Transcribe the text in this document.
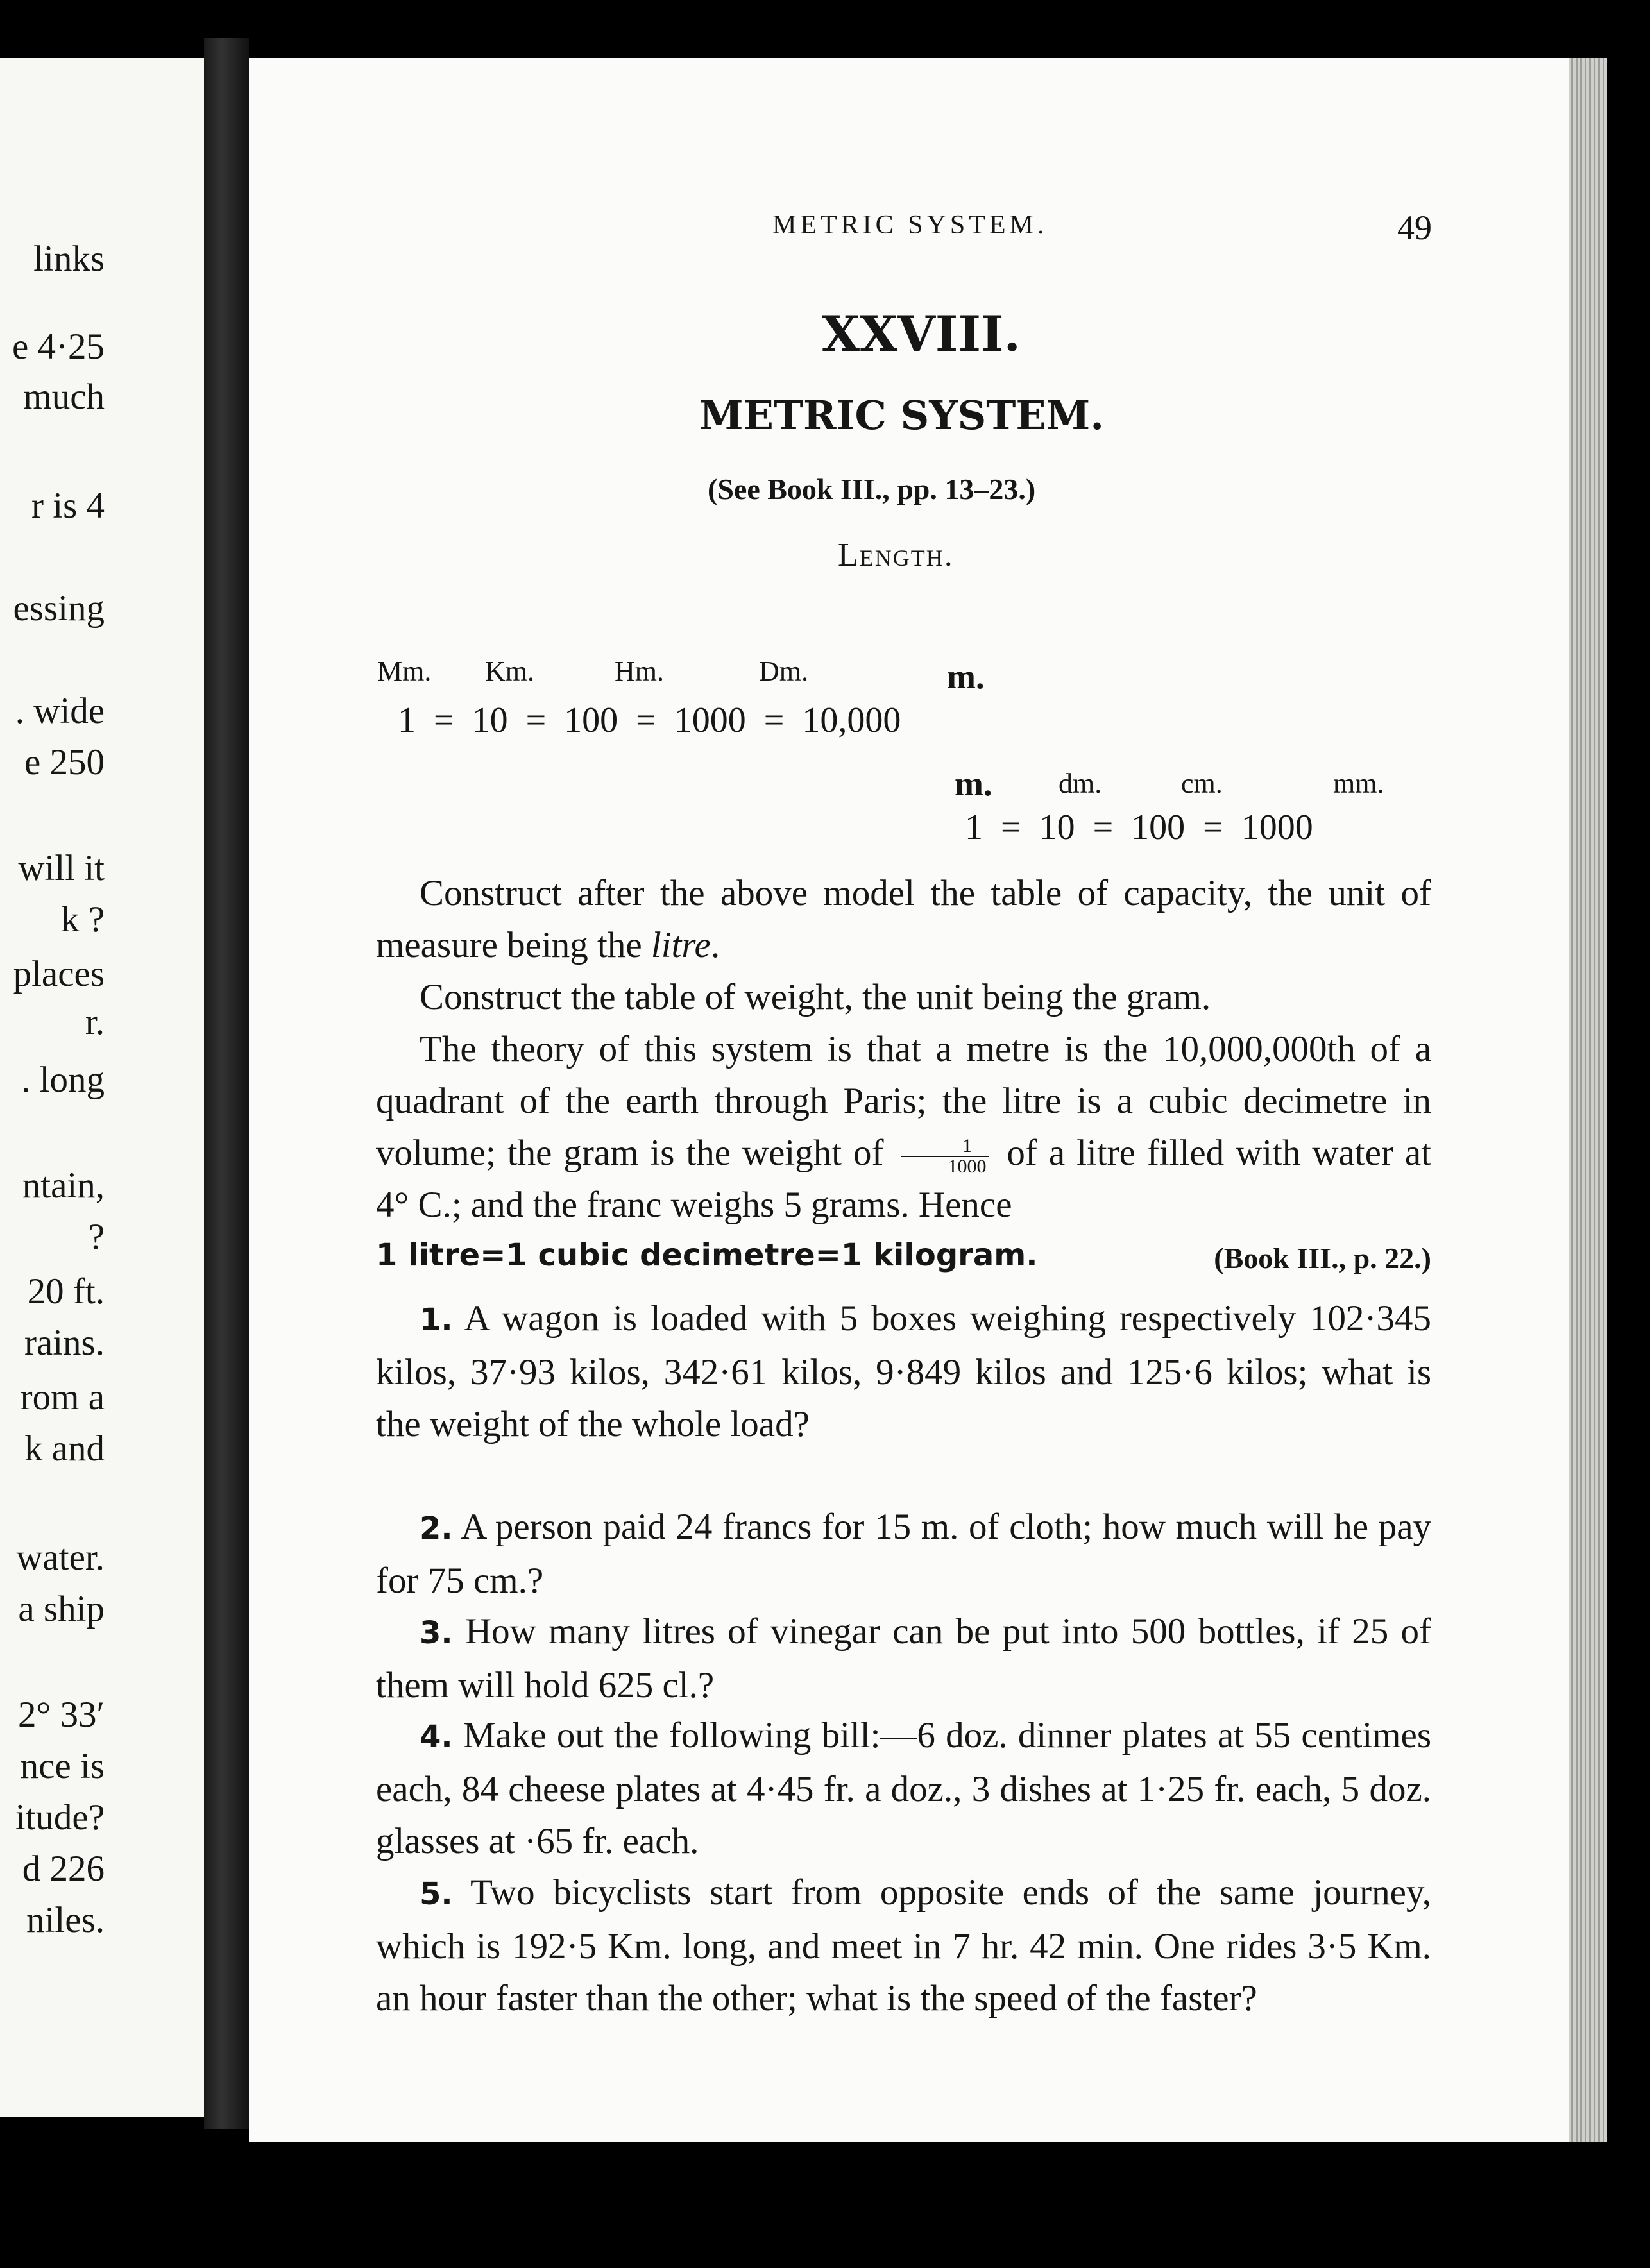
links
e 4·25
much
r is 4
essing
. wide
e 250
will it
k ?
places
r.
. long
ntain,
?
20 ft.
rains.
rom a
k and
water.
a ship
2° 33′
nce is
itude?
d 226
niles.
METRIC SYSTEM.	49
XXVIII.
METRIC SYSTEM.
(See Book III., pp. 13–23.)
Length.
Mm. Km.	Hm.	Dm.	m.
1  =  10  =  100  =  1000  =  10,000
m. dm.	cm.	mm.
1  =  10  =  100  =  1000
Construct after the above model the table of capacity, the unit of measure being the litre.
Construct the table of weight, the unit being the gram.
The theory of this system is that a metre is the 10,000,000th of a quadrant of the earth through Paris; the litre is a cubic decimetre in volume; the gram is the weight of $\frac{1}{1000}$ of a litre filled with water at 4° C.; and the franc weighs 5 grams. Hence
1 litre=1 cubic decimetre=1 kilogram.	(Book III., p. 22.)
1. A wagon is loaded with 5 boxes weighing respectively 102·345 kilos, 37·93 kilos, 342·61 kilos, 9·849 kilos and 125·6 kilos; what is the weight of the whole load?
2. A person paid 24 francs for 15 m. of cloth; how much will he pay for 75 cm.?
3. How many litres of vinegar can be put into 500 bottles, if 25 of them will hold 625 cl.?
4. Make out the following bill:—6 doz. dinner plates at 55 centimes each, 84 cheese plates at 4·45 fr. a doz., 3 dishes at 1·25 fr. each, 5 doz. glasses at ·65 fr. each.
5. Two bicyclists start from opposite ends of the same journey, which is 192·5 Km. long, and meet in 7 hr. 42 min. One rides 3·5 Km. an hour faster than the other; what is the speed of the faster?
